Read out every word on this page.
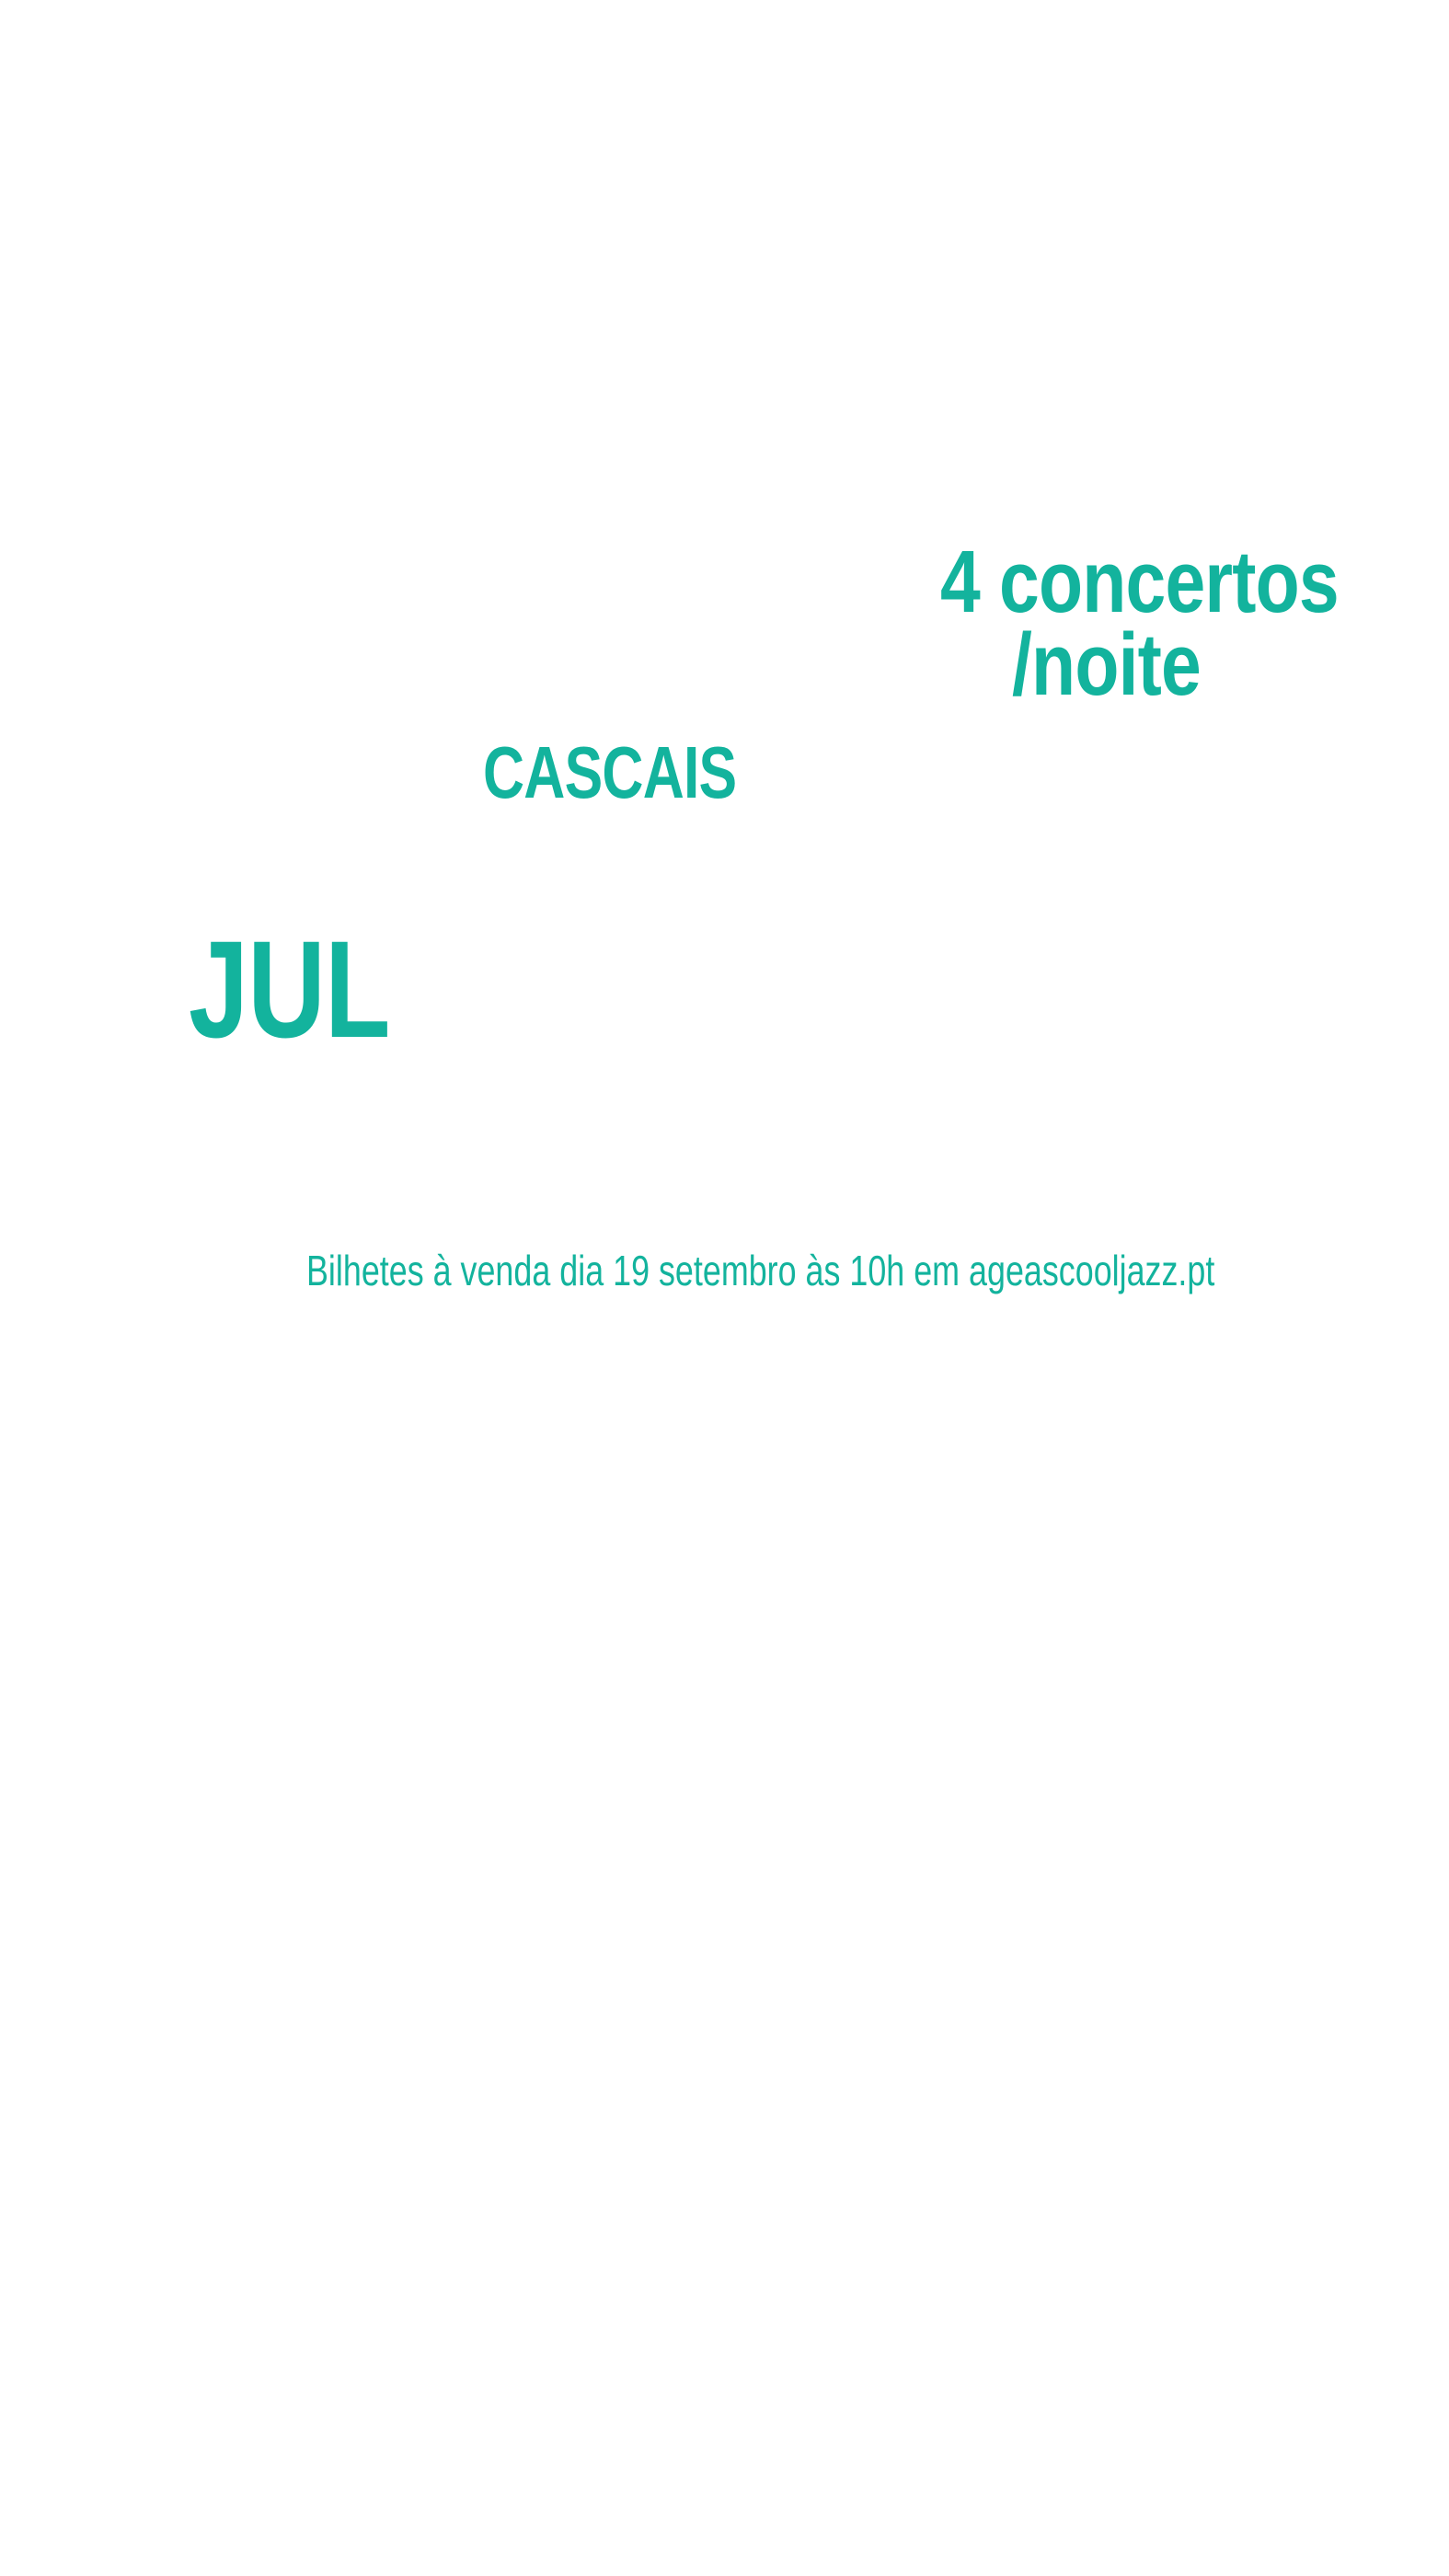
4 concertos
/noite
CASCAIS
JUL
Bilhetes à venda dia 19 setembro às 10h em ageascooljazz.pt
